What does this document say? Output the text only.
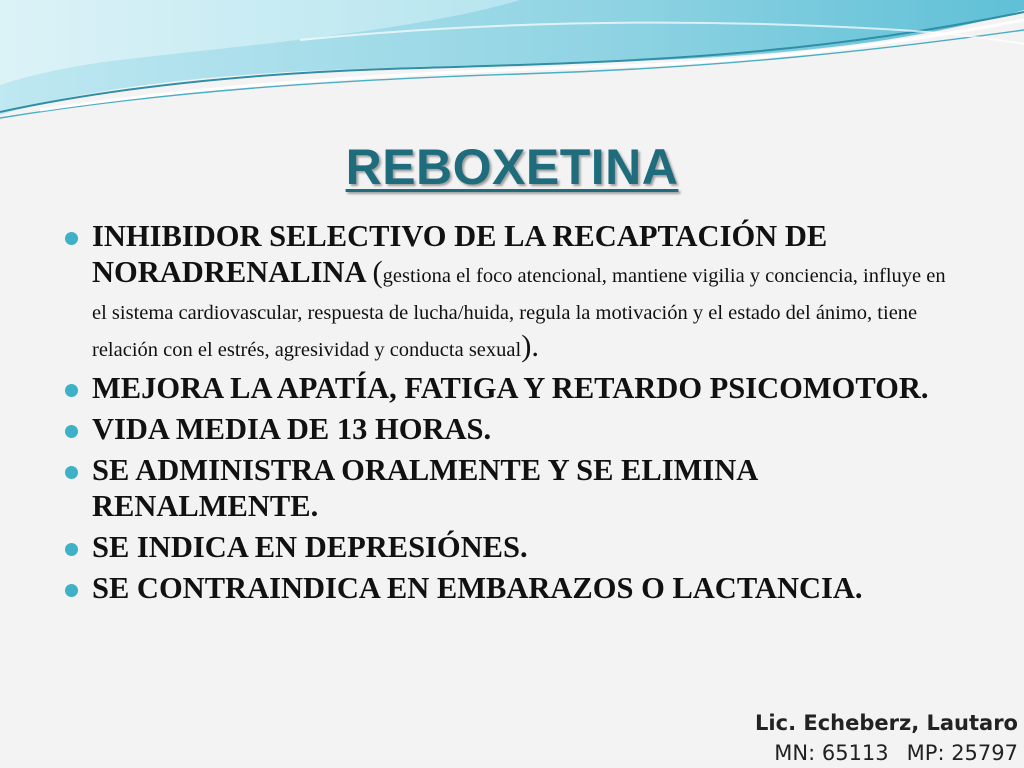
REBOXETINA
INHIBIDOR SELECTIVO DE LA RECAPTACIÓN DE NORADRENALINA (gestiona el foco atencional, mantiene vigilia y conciencia, influye en el sistema cardiovascular, respuesta de lucha/huida, regula la motivación y el estado del ánimo, tiene relación con el estrés, agresividad y conducta sexual).
MEJORA LA APATÍA, FATIGA Y RETARDO PSICOMOTOR.
VIDA MEDIA DE 13 HORAS.
SE ADMINISTRA ORALMENTE Y SE ELIMINA RENALMENTE.
SE INDICA EN DEPRESIÓNES.
SE CONTRAINDICA EN EMBARAZOS O LACTANCIA.
Lic. Echeberz, Lautaro
MN: 65113 MP: 25797
